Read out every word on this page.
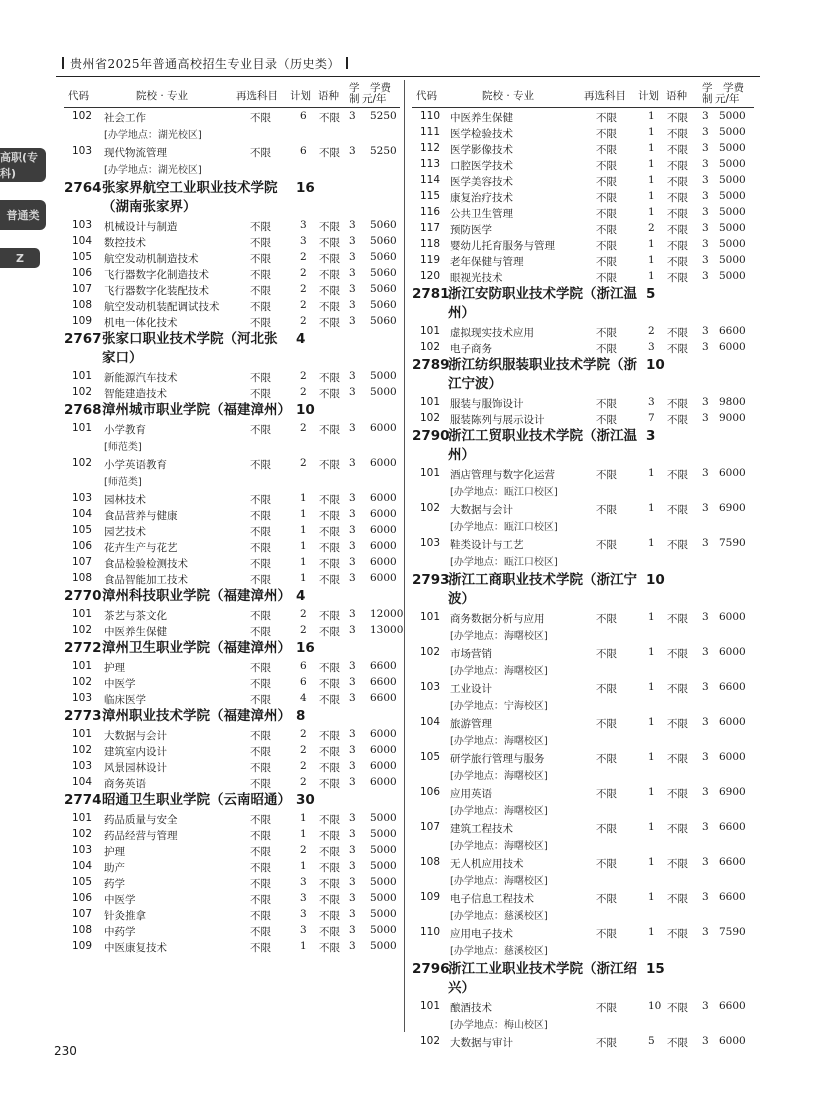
贵州省2025年普通高校招生专业目录（历史类）
高职(专科)
普通类
Z
代码	院校 · 专业	再选科目 计划 语种
学
制
学费
元/年
102 社会工作	不限	6 不限 3 5250
[办学地点：湖光校区]
103 现代物流管理	不限	6 不限 3 5250
[办学地点：湖光校区]
2764 张家界航空工业职业技术学院（湖南张家界）
16
103 机械设计与制造	不限	3 不限 3 5060
104 数控技术	不限	3 不限 3 5060
105 航空发动机制造技术	不限	2 不限 3 5060
106 飞行器数字化制造技术	不限	2 不限 3 5060
107 飞行器数字化装配技术	不限	2 不限 3 5060
108 航空发动机装配调试技术	不限	2 不限 3 5060
109 机电一体化技术	不限	2 不限 3 5060
2767 张家口职业技术学院（河北张家口）
4
101 新能源汽车技术	不限	2 不限 3 5000
102 智能建造技术	不限	2 不限 3 5000
2768 漳州城市职业学院（福建漳州） 10
101 小学教育	不限	2 不限 3 6000
[师范类]
102 小学英语教育	不限	2 不限 3 6000
[师范类]
103 园林技术	不限	1 不限 3 6000
104 食品营养与健康	不限	1 不限 3 6000
105 园艺技术	不限	1 不限 3 6000
106 花卉生产与花艺	不限	1 不限 3 6000
107 食品检验检测技术	不限	1 不限 3 6000
108 食品智能加工技术	不限	1 不限 3 6000
2770 漳州科技职业学院（福建漳州） 4
101 茶艺与茶文化	不限	2 不限 3 12000
102 中医养生保健	不限	2 不限 3 13000
2772 漳州卫生职业学院（福建漳州） 16
101 护理	不限	6 不限 3 6600
102 中医学	不限	6 不限 3 6600
103 临床医学	不限	4 不限 3 6600
2773 漳州职业技术学院（福建漳州） 8
101 大数据与会计	不限	2 不限 3 6000
102 建筑室内设计	不限	2 不限 3 6000
103 风景园林设计	不限	2 不限 3 6000
104 商务英语	不限	2 不限 3 6000
2774 昭通卫生职业学院（云南昭通） 30
101 药品质量与安全	不限	1 不限 3 5000
102 药品经营与管理	不限	1 不限 3 5000
103 护理	不限	2 不限 3 5000
104 助产	不限	1 不限 3 5000
105 药学	不限	3 不限 3 5000
106 中医学	不限	3 不限 3 5000
107 针灸推拿	不限	3 不限 3 5000
108 中药学	不限	3 不限 3 5000
109 中医康复技术	不限	1 不限 3 5000
代码	院校 · 专业	再选科目 计划 语种
学
制
学费
元/年
110 中医养生保健	不限	1 不限 3 5000
111 医学检验技术	不限	1 不限 3 5000
112 医学影像技术	不限	1 不限 3 5000
113 口腔医学技术	不限	1 不限 3 5000
114 医学美容技术	不限	1 不限 3 5000
115 康复治疗技术	不限	1 不限 3 5000
116 公共卫生管理	不限	1 不限 3 5000
117 预防医学	不限	2 不限 3 5000
118 婴幼儿托育服务与管理	不限	1 不限 3 5000
119 老年保健与管理	不限	1 不限 3 5000
120 眼视光技术	不限	1 不限 3 5000
2781
浙江安防职业技术学院（浙江温州）
5
101 虚拟现实技术应用	不限	2 不限 3 6600
102 电子商务	不限	3 不限 3 6000
2789
浙江纺织服装职业技术学院（浙江宁波）
10
101 服装与服饰设计	不限	3 不限 3 9800
102 服装陈列与展示设计	不限	7 不限 3 9000
2790
浙江工贸职业技术学院（浙江温州）
3
101 酒店管理与数字化运营	不限	1 不限 3 6000
[办学地点：瓯江口校区]
102 大数据与会计	不限	1 不限 3 6900
[办学地点：瓯江口校区]
103 鞋类设计与工艺	不限	1 不限 3 7590
[办学地点：瓯江口校区]
2793
浙江工商职业技术学院（浙江宁波）
10
101 商务数据分析与应用	不限	1 不限 3 6000
[办学地点：海曙校区]
102 市场营销	不限	1 不限 3 6000
[办学地点：海曙校区]
103 工业设计	不限	1 不限 3 6600
[办学地点：宁海校区]
104 旅游管理	不限	1 不限 3 6000
[办学地点：海曙校区]
105 研学旅行管理与服务	不限	1 不限 3 6000
[办学地点：海曙校区]
106 应用英语	不限	1 不限 3 6900
[办学地点：海曙校区]
107 建筑工程技术	不限	1 不限 3 6600
[办学地点：海曙校区]
108 无人机应用技术	不限	1 不限 3 6600
[办学地点：海曙校区]
109 电子信息工程技术	不限	1 不限 3 6600
[办学地点：慈溪校区]
110 应用电子技术	不限	1 不限 3 7590
[办学地点：慈溪校区]
2796
浙江工业职业技术学院（浙江绍兴）
15
101 酿酒技术	不限	10 不限 3 6600
[办学地点：梅山校区]
102 大数据与审计	不限	5 不限 3 6000
230
